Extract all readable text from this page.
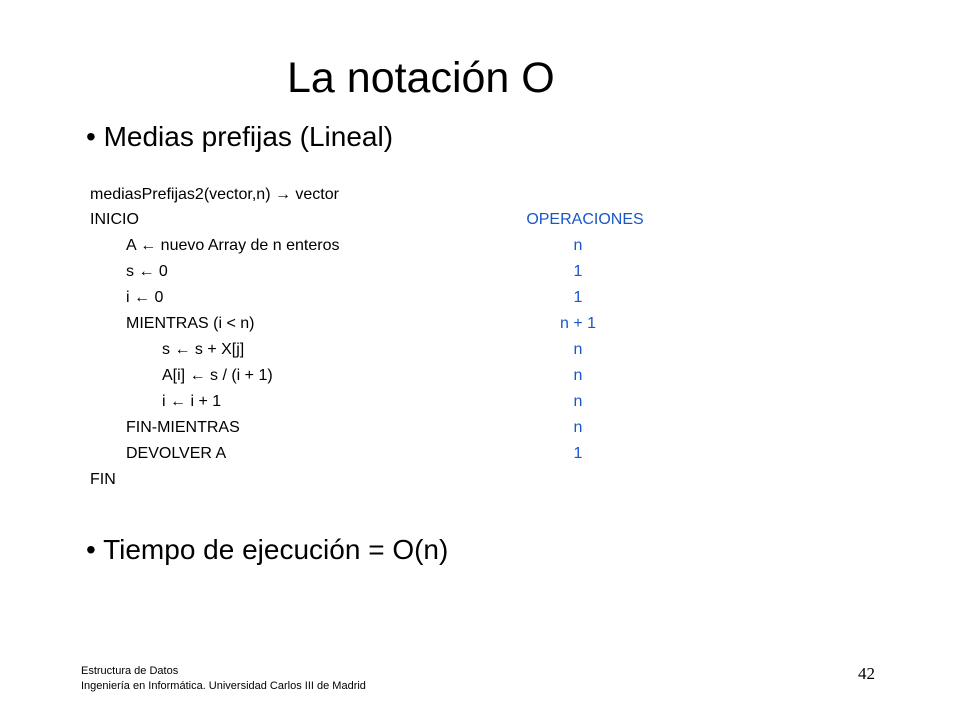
La notación O
• Medias prefijas (Lineal)
mediasPrefijas2(vector,n) → vector
INICIO
A ← nuevo Array de n enteros
s ← 0
i ← 0
MIENTRAS (i < n)
s ← s + X[j]
A[i] ← s / (i + 1)
i ← i + 1
FIN-MIENTRAS
DEVOLVER A
FIN
OPERACIONES
n
1
1
n + 1
n
n
n
n
1
• Tiempo de ejecución = O(n)
Estructura de Datos
Ingeniería en Informática. Universidad Carlos III de Madrid
42
